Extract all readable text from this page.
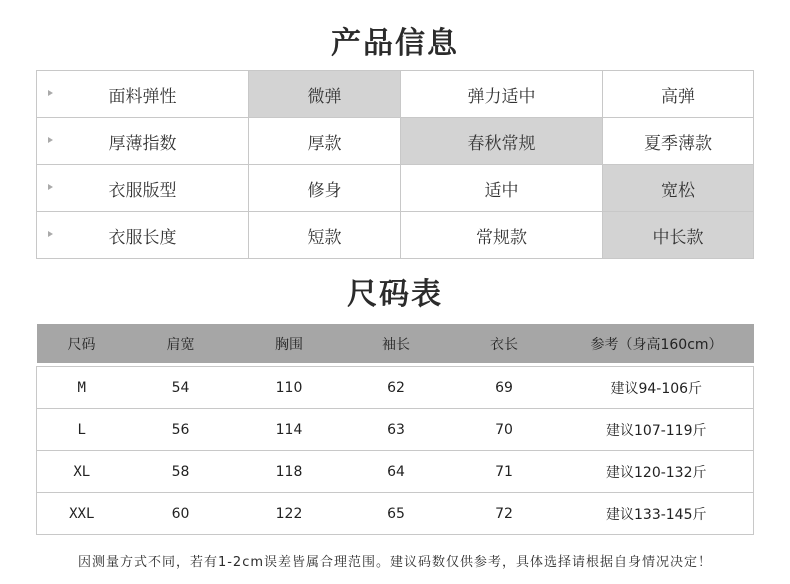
产品信息
面料弹性	微弹	弹力适中	高弹

厚薄指数	厚款	春秋常规	夏季薄款

衣服版型	修身	适中	宽松

衣服长度	短款	常规款	中长款
尺码表
尺码	肩宽	胸围	袖长	衣长	参考（身高160cm）

M	54	110	62	69	建议94-106斤
L	56	114	63	70	建议107-119斤
XL	58	118	64	71	建议120-132斤
XXL	60	122	65	72	建议133-145斤
因测量方式不同，若有1-2cm误差皆属合理范围。建议码数仅供参考，具体选择请根据自身情况决定！
